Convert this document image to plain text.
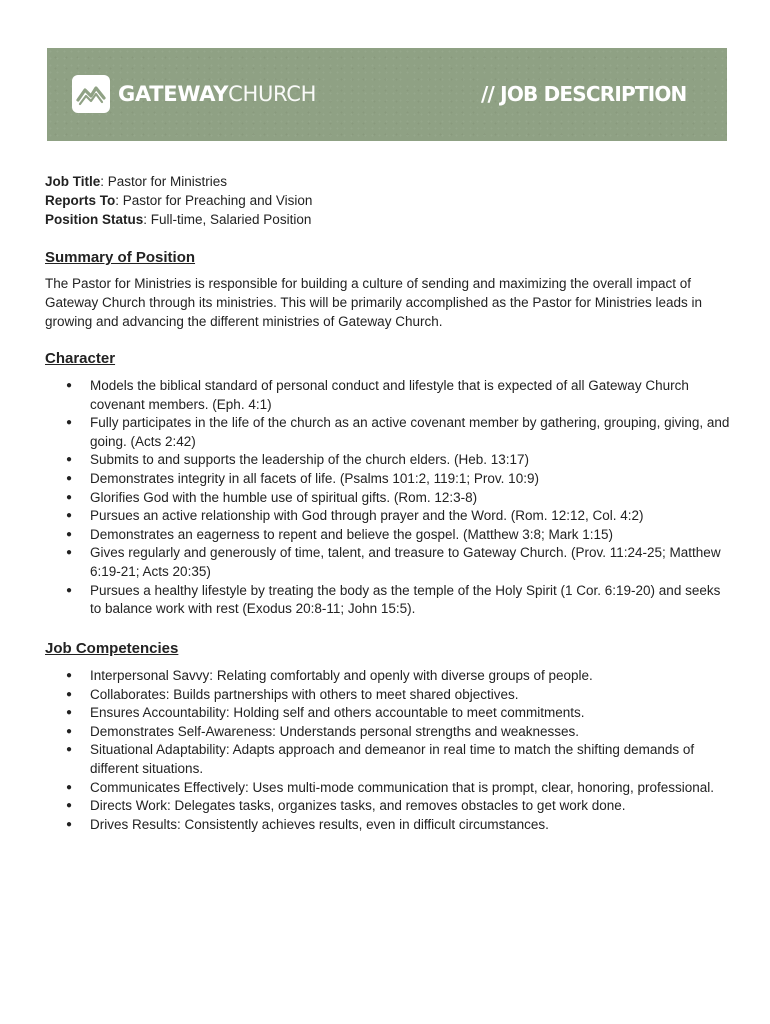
GATEWAYCHURCH	// JOB DESCRIPTION
Job Title: Pastor for Ministries
Reports To: Pastor for Preaching and Vision
Position Status: Full-time, Salaried Position
Summary of Position
The Pastor for Ministries is responsible for building a culture of sending and maximizing the overall impact of Gateway Church through its ministries. This will be primarily accomplished as the Pastor for Ministries leads in growing and advancing the different ministries of Gateway Church.
Character
● Models the biblical standard of personal conduct and lifestyle that is expected of all Gateway Church covenant members. (Eph. 4:1)
● Fully participates in the life of the church as an active covenant member by gathering, grouping, giving, and going. (Acts 2:42)
● Submits to and supports the leadership of the church elders. (Heb. 13:17)
● Demonstrates integrity in all facets of life. (Psalms 101:2, 119:1; Prov. 10:9)
● Glorifies God with the humble use of spiritual gifts. (Rom. 12:3-8)
● Pursues an active relationship with God through prayer and the Word. (Rom. 12:12, Col. 4:2)
● Demonstrates an eagerness to repent and believe the gospel. (Matthew 3:8; Mark 1:15)
● Gives regularly and generously of time, talent, and treasure to Gateway Church. (Prov. 11:24-25; Matthew 6:19-21; Acts 20:35)
● Pursues a healthy lifestyle by treating the body as the temple of the Holy Spirit (1 Cor. 6:19-20) and seeks to balance work with rest (Exodus 20:8-11; John 15:5).
Job Competencies
● Interpersonal Savvy: Relating comfortably and openly with diverse groups of people.
● Collaborates: Builds partnerships with others to meet shared objectives.
● Ensures Accountability: Holding self and others accountable to meet commitments.
● Demonstrates Self-Awareness: Understands personal strengths and weaknesses.
● Situational Adaptability: Adapts approach and demeanor in real time to match the shifting demands of different situations.
● Communicates Effectively: Uses multi-mode communication that is prompt, clear, honoring, professional.
● Directs Work: Delegates tasks, organizes tasks, and removes obstacles to get work done.
● Drives Results: Consistently achieves results, even in difficult circumstances.
